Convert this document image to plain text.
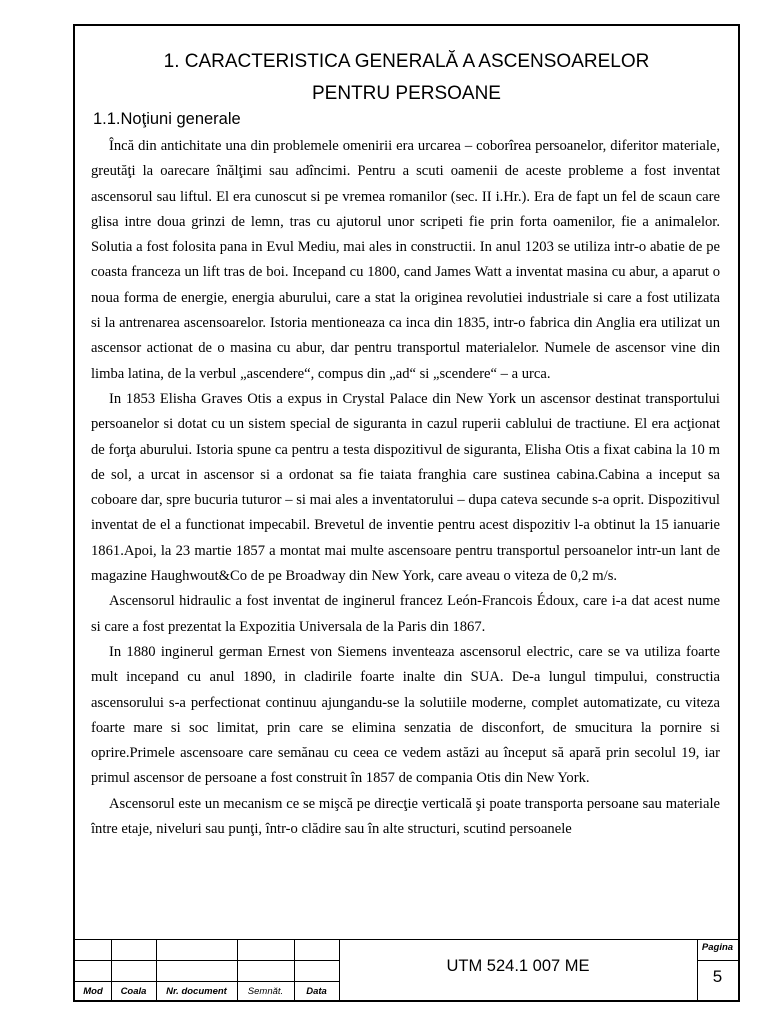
1. CARACTERISTICA GENERALĂ A ASCENSOARELOR
PENTRU PERSOANE
1.1.Noţiuni generale

Încă din antichitate una din problemele omenirii era urcarea – coborîrea persoanelor, diferitor materiale, greutăţi la oarecare înălţimi sau adîncimi. Pentru a scuti oamenii de aceste probleme a fost inventat ascensorul sau liftul. El era cunoscut si pe vremea romanilor (sec. II i.Hr.). Era de fapt un fel de scaun care glisa intre doua grinzi de lemn, tras cu ajutorul unor scripeti fie prin forta oamenilor, fie a animalelor. Solutia a fost folosita pana in Evul Mediu, mai ales in constructii. In anul 1203 se utiliza intr-o abatie de pe coasta franceza un lift tras de boi. Incepand cu 1800, cand James Watt a inventat masina cu abur, a aparut o noua forma de energie, energia aburului, care a stat la originea revolutiei industriale si care a fost utilizata si la antrenarea ascensoarelor. Istoria mentioneaza ca inca din 1835, intr-o fabrica din Anglia era utilizat un ascensor actionat de o masina cu abur, dar pentru transportul materialelor. Numele de ascensor vine din limba latina, de la verbul „ascendere“, compus din „ad“ si „scendere“ – a urca.

In 1853 Elisha Graves Otis a expus in Crystal Palace din New York un ascensor destinat transportului persoanelor si dotat cu un sistem special de siguranta in cazul ruperii cablului de tractiune. El era acţionat de forţa aburului. Istoria spune ca pentru a testa dispozitivul de siguranta, Elisha Otis a fixat cabina la 10 m de sol, a urcat in ascensor si a ordonat sa fie taiata franghia care sustinea cabina.Cabina a inceput sa coboare dar, spre bucuria tuturor – si mai ales a inventatorului – dupa cateva secunde s-a oprit. Dispozitivul inventat de el a functionat impecabil. Brevetul de inventie pentru acest dispozitiv l-a obtinut la 15 ianuarie 1861.Apoi, la 23 martie 1857 a montat mai multe ascensoare pentru transportul persoanelor intr-un lant de magazine Haughwout&Co de pe Broadway din New York, care aveau o viteza de 0,2 m/s.

Ascensorul hidraulic a fost inventat de inginerul francez León-Francois Édoux, care i-a dat acest nume si care a fost prezentat la Expozitia Universala de la Paris din 1867.

In 1880 inginerul german Ernest von Siemens inventeaza ascensorul electric, care se va utiliza foarte mult incepand cu anul 1890, in cladirile foarte inalte din SUA. De-a lungul timpului, constructia ascensorului s-a perfectionat continuu ajungandu-se la solutiile moderne, complet automatizate, cu viteza foarte mare si soc limitat, prin care se elimina senzatia de disconfort, de smucitura la pornire si oprire.Primele ascensoare care semănau cu ceea ce vedem astăzi au început să apară prin secolul 19, iar primul ascensor de persoane a fost construit în 1857 de compania Otis din New York.

Ascensorul este un mecanism ce se mişcă pe direcţie verticală şi poate transporta persoane sau materiale între etaje, niveluri sau punţi, într-o clădire sau în alte structuri, scutind persoanele

Mod	Coala	Nr. document	Semnăt.	Data
UTM 524.1 007 ME
Pagina
5
